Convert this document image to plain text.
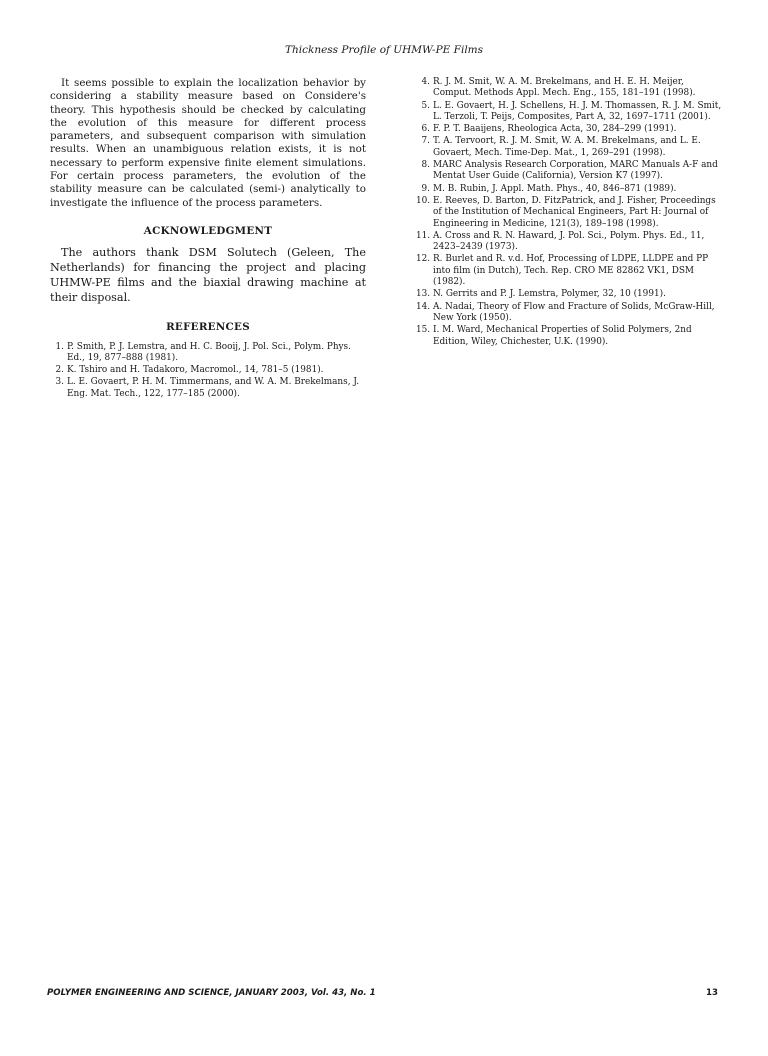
Thickness Profile of UHMW-PE Films

It seems possible to explain the localization behavior by considering a stability measure based on Considere's theory. This hypothesis should be checked by calculating the evolution of this measure for different process parameters, and subsequent comparison with simulation results. When an unambiguous relation exists, it is not necessary to perform expensive finite element simulations. For certain process parameters, the evolution of the stability measure can be calculated (semi-) analytically to investigate the influence of the process parameters.

ACKNOWLEDGMENT

The authors thank DSM Solutech (Geleen, The Netherlands) for financing the project and placing UHMW-PE films and the biaxial drawing machine at their disposal.

REFERENCES
1. P. Smith, P. J. Lemstra, and H. C. Booij, J. Pol. Sci., Polym. Phys. Ed., 19, 877–888 (1981).
2. K. Tshiro and H. Tadakoro, Macromol., 14, 781–5 (1981).
3. L. E. Govaert, P. H. M. Timmermans, and W. A. M. Brekelmans, J. Eng. Mat. Tech., 122, 177–185 (2000).
4. R. J. M. Smit, W. A. M. Brekelmans, and H. E. H. Meijer, Comput. Methods Appl. Mech. Eng., 155, 181–191 (1998).
5. L. E. Govaert, H. J. Schellens, H. J. M. Thomassen, R. J. M. Smit, L. Terzoli, T. Peijs, Composites, Part A, 32, 1697–1711 (2001).
6. F. P. T. Baaijens, Rheologica Acta, 30, 284–299 (1991).
7. T. A. Tervoort, R. J. M. Smit, W. A. M. Brekelmans, and L. E. Govaert, Mech. Time-Dep. Mat., 1, 269–291 (1998).
8. MARC Analysis Research Corporation, MARC Manuals A-F and Mentat User Guide (California), Version K7 (1997).
9. M. B. Rubin, J. Appl. Math. Phys., 40, 846–871 (1989).
10. E. Reeves, D. Barton, D. FitzPatrick, and J. Fisher, Proceedings of the Institution of Mechanical Engineers, Part H: Journal of Engineering in Medicine, 121(3), 189–198 (1998).
11. A. Cross and R. N. Haward, J. Pol. Sci., Polym. Phys. Ed., 11, 2423–2439 (1973).
12. R. Burlet and R. v.d. Hof, Processing of LDPE, LLDPE and PP into film (in Dutch), Tech. Rep. CRO ME 82862 VK1, DSM (1982).
13. N. Gerrits and P. J. Lemstra, Polymer, 32, 10 (1991).
14. A. Nadai, Theory of Flow and Fracture of Solids, McGraw-Hill, New York (1950).
15. I. M. Ward, Mechanical Properties of Solid Polymers, 2nd Edition, Wiley, Chichester, U.K. (1990).
POLYMER ENGINEERING AND SCIENCE, JANUARY 2003, Vol. 43, No. 1	13
